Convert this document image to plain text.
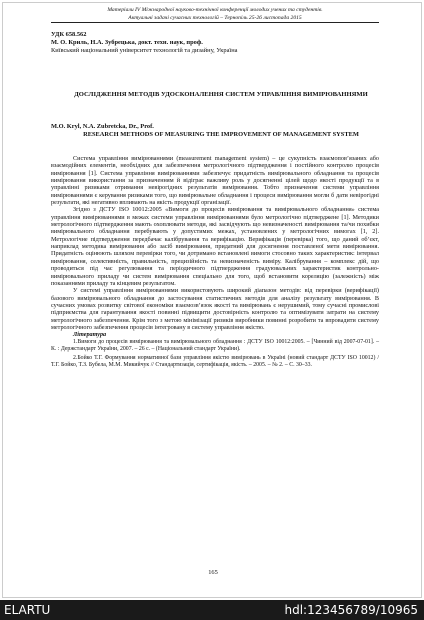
Матеріали IV Міжнародної науково-технічної конференції молодих учених та студентів.
Актуальні задачі сучасних технологій – Тернопіль 25-26 листопада 2015
УДК 658.562
М. О. Криль, Н.А. Зубрецька, докт. техн. наук, проф.
Київський національний університет технологій та дизайну, Україна
ДОСЛІДЖЕННЯ МЕТОДІВ УДОСКОНАЛЕННЯ СИСТЕМ УПРАВЛІННЯ ВИМІРЮВАННЯМИ
M.O. Kryl, N.A. Zubretcka, Dr., Prof.
RESEARCH METHODS OF MEASURING THE IMPROVEMENT OF MANAGEMENT SYSTEM

Система управління вимірюваннями (measurement management system) – це сукупність взаємопов’язаних або взаємодійних елементів, необхідних для забезпечення метрологічного підтвердження і постійного контролю процесів вимірювання [1]. Система управління вимірюваннями забезпечує придатність вимірювального обладнання та процесів вимірювання використання за призначенням й відіграє важливу роль у досягненні цілей щодо якості продукції та в управлінні ризиками отримання невірогідних результатів вимірювання. Тобто призначення системи управління вимірюваннями є керування ризиками того, що вимірювальне обладнання і процеси вимірювання могли б дати невірогідні результати, які негативно впливають на якість продукції організації.

Згідно з ДСТУ ISO 10012:2005 «Вимоги до процесів вимірювання та вимірювального обладнання» система управління вимірюваннями в межах системи управління вимірюваннями було метрологічно підтверджене [1]. Методики метрологічного підтвердження мають охоплювати методи, які засвідчують що невизначеності вимірювання та/чи похибки вимірювального обладнання перебувають у допустимих межах, установлених у метрологічних вимогах [1, 2]. Метрологічне підтвердження передбачає калібрування та верифікацію. Верифікація (перевірка) того, що даний об’єкт, наприклад методика вимірювання або засіб вимірювання, придатний для досягнення поставленої мети вимірювання. Придатність оцінюють шляхом перевірки того, чи дотримано встановлені вимоги стосовно таких характеристик: інтервал вимірювання, селективність, правильність, прецизійність та невизначеність виміру. Калібрування – комплекс дій, що проводиться під час регулювання та періодичного підтвердження градуювальних характеристик контрольно-вимірювального приладу чи систем вимірювання спеціально для того, щоб встановити кореляцію (залежність) між показаннями приладу та кінцевим результатом.

У системі управління вимірюваннями використовують широкий діапазон методів: від перевірки (верифікації) базового вимірювального обладнання до застосування статистичних методів для аналізу результату вимірювання. В сучасних умовах розвитку світової економіки взаємозв’язок якості та вимірювань є нерушимий, тому сучасні промислові підприємства для гарантування якості повинні підвищити достовірність контролю та оптимізувати затрати на систему метрологічного забезпечення. Крім того з метою мінімізації ризиків виробники повинні розробити та впровадити систему метрологічного забезпечення процесів інтегровану в систему управління якістю.

Література

1.Вимоги до процесів вимірювання та вимірювального обладнання : ДСТУ ISO 10012:2005. – [Чинний від 2007-07-01]. – К. : Держстандарт України, 2007. – 26 с. – (Національний стандарт України).

2.Бойко Т.Г. Формування нормативної бази управління якістю вимірювань в Україні (новий стандарт ДСТУ ISO 10012) / Т.Г. Бойко, Т.З. Бубела, М.М. Микийчук // Стандартизація, сертифікація, якість. – 2005. – № 2. – С. 30–33.

165
ELARTU	hdl:123456789/10965
